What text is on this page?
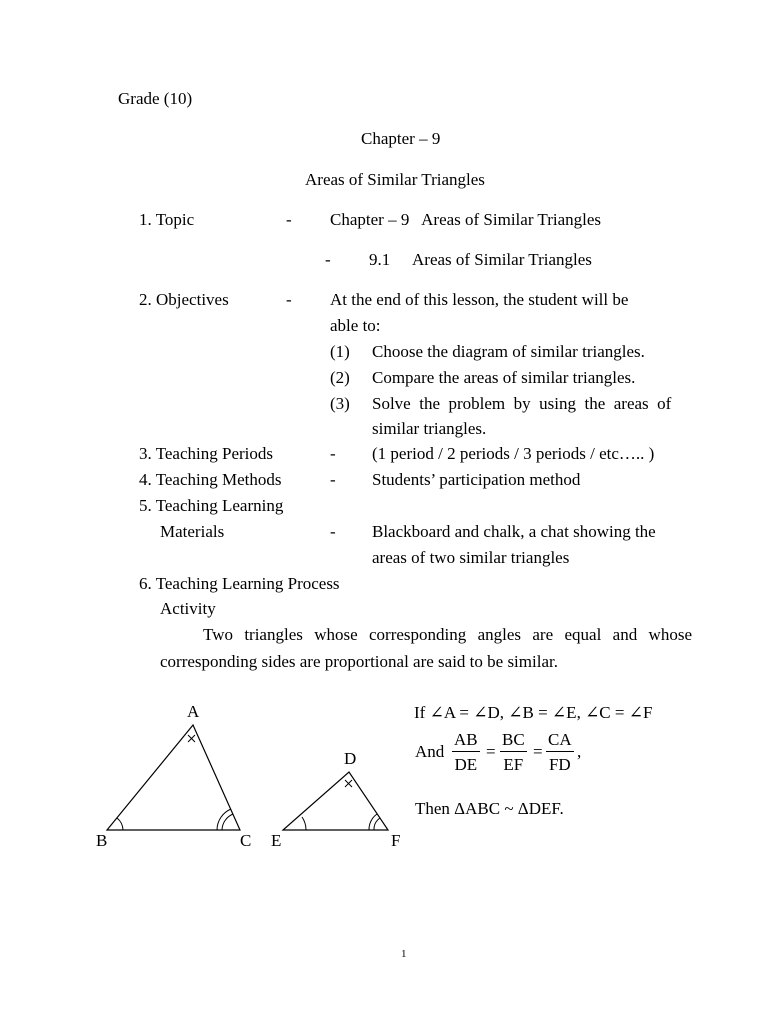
Grade (10)
Chapter – 9
Areas of Similar Triangles
1. Topic	- Chapter – 9   Areas of Similar Triangles
- 9.1 Areas of Similar Triangles
2. Objectives	- At the end of this lesson, the student will be
able to:
(1) Choose the diagram of similar triangles.
(2) Compare the areas of similar triangles.
(3) Solve  the  problem  by  using  the  areas  of
similar triangles.
3. Teaching Periods	- (1 period / 2 periods / 3 periods / etc….. )
4. Teaching Methods	- Students’ participation method
5. Teaching Learning
Materials	- Blackboard and chalk, a chat showing the
areas of two similar triangles
6. Teaching Learning Process
Activity
Two triangles whose corresponding angles are equal and whose
corresponding sides are proportional are said to be similar.
A
B	C
D
E	F
If ∠A = ∠D, ∠B = ∠E, ∠C = ∠F
And $\frac{AB}{DE} = \frac{BC}{EF} = \frac{CA}{FD}$ ,
Then ΔABC ~ ΔDEF.
1
